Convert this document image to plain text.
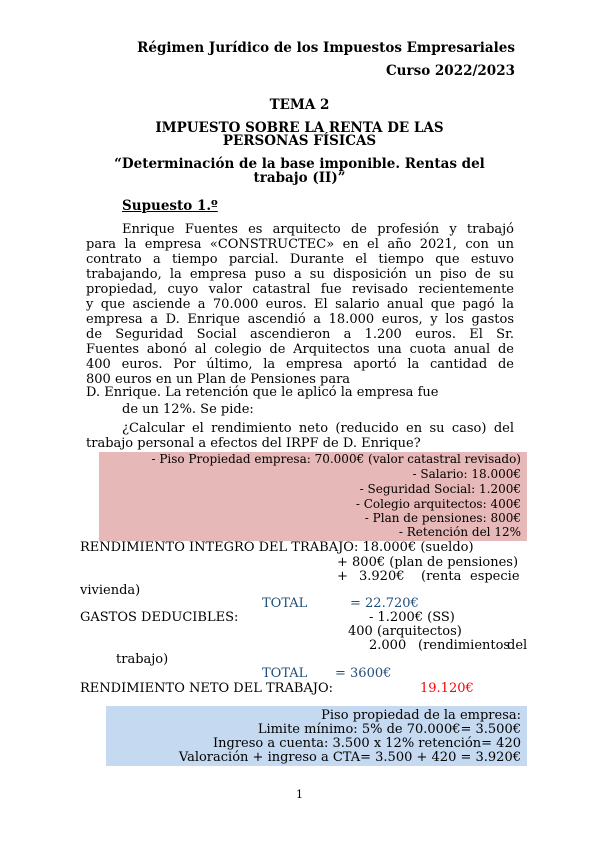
Régimen Jurídico de los Impuestos Empresariales
Curso 2022/2023
TEMA 2
IMPUESTO SOBRE LA RENTA DE LAS
PERSONAS FÍSICAS
“Determinación de la base imponible. Rentas del
trabajo (II)”
Supuesto 1.º
Enrique Fuentes es arquitecto de profesión y trabajó
para la empresa «CONSTRUCTEC» en el año 2021, con un
contrato a tiempo parcial. Durante el tiempo que estuvo
trabajando, la empresa puso a su disposición un piso de su
propiedad, cuyo valor catastral fue revisado recientemente
y que asciende a 70.000 euros. El salario anual que pagó la
empresa a D. Enrique ascendió a 18.000 euros, y los gastos
de Seguridad Social ascendieron a 1.200 euros. El Sr.
Fuentes abonó al colegio de Arquitectos una cuota anual de
400 euros. Por último, la empresa aportó la cantidad de
800 euros en un Plan de Pensiones para
D. Enrique. La retención que le aplicó la empresa fue
de un 12%. Se pide:
¿Calcular el rendimiento neto (reducido en su caso) del
trabajo personal a efectos del IRPF de D. Enrique?
- Piso Propiedad empresa: 70.000€ (valor catastral revisado)
- Salario: 18.000€
- Seguridad Social: 1.200€
- Colegio arquitectos: 400€
- Plan de pensiones: 800€
- Retención del 12%
RENDIMIENTO INTEGRO DEL TRABAJO: 18.000€ (sueldo)
+ 800€ (plan de pensiones)
+ 3.920€ (renta especie
vivienda)
TOTAL	= 22.720€
GASTOS DEDUCIBLES:	- 1.200€ (SS)
400 (arquitectos)
2.000 (rendimientos
del
trabajo)
TOTAL = 3600€
RENDIMIENTO NETO DEL TRABAJO:	19.120€
Piso propiedad de la empresa:
Limite mínimo: 5% de 70.000€= 3.500€
Ingreso a cuenta: 3.500 x 12% retención= 420
Valoración + ingreso a CTA= 3.500 + 420 = 3.920€
1
